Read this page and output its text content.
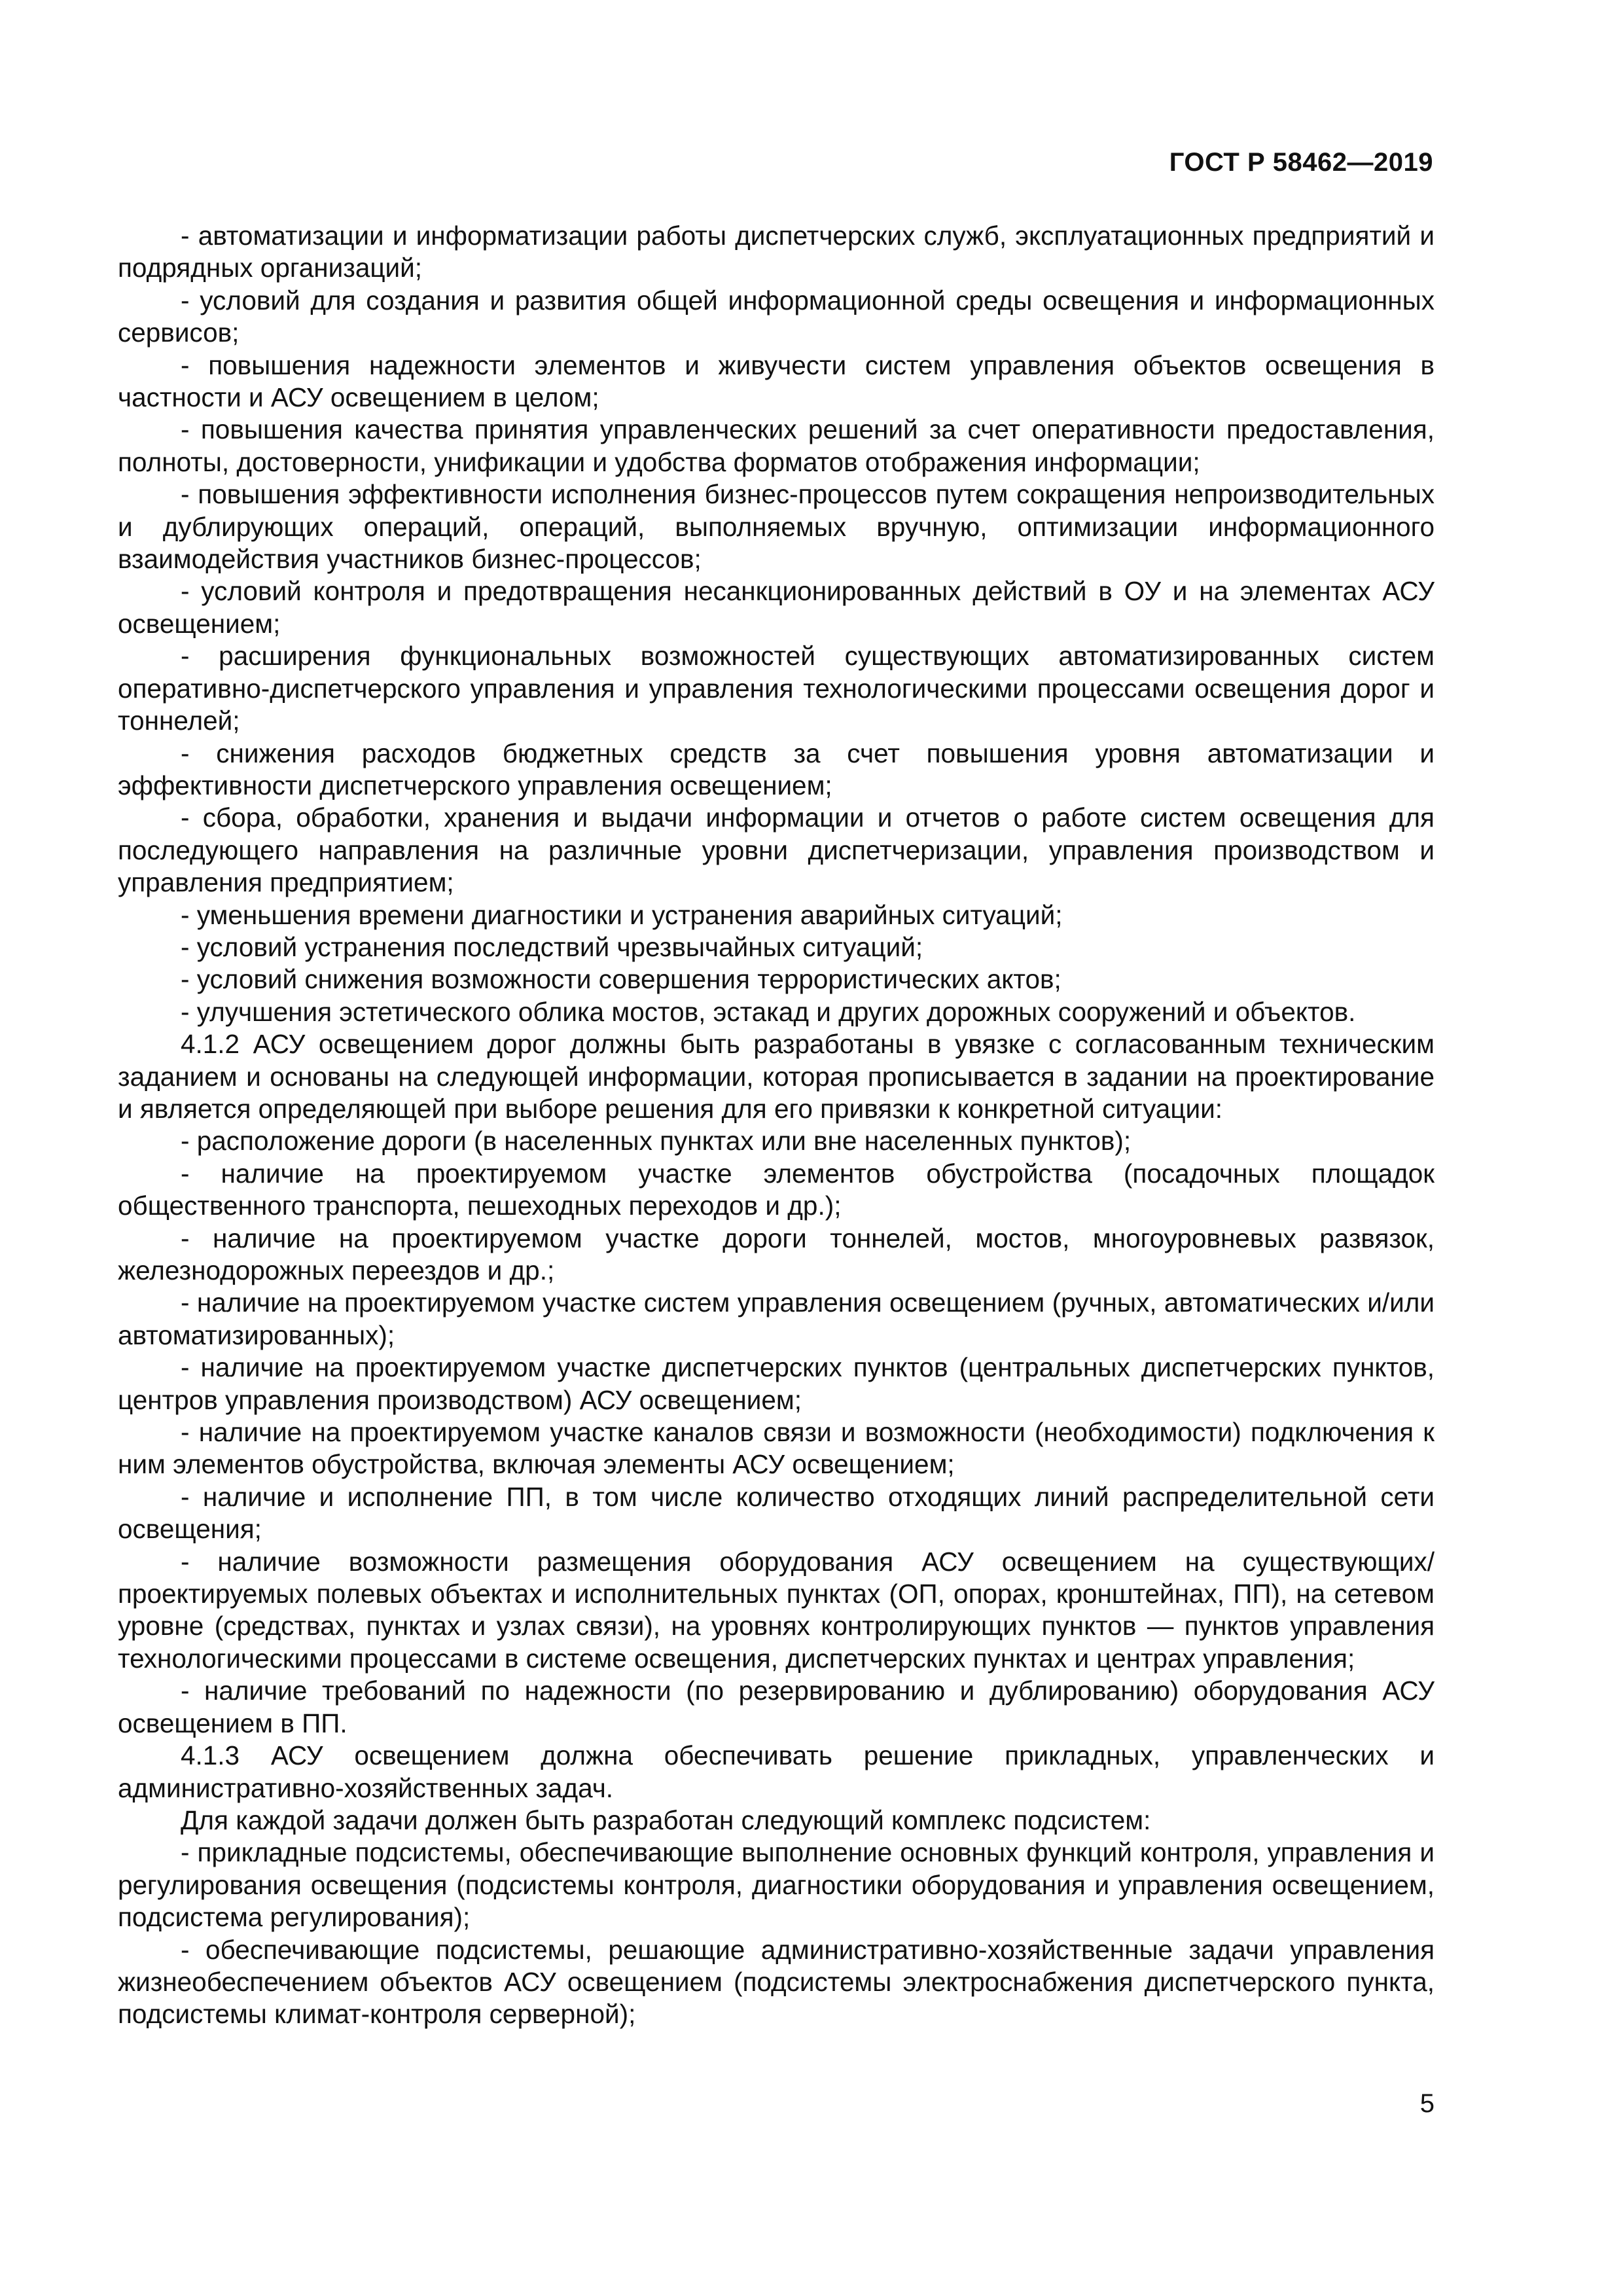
ГОСТ Р 58462—2019

- автоматизации и информатизации работы диспетчерских служб, эксплуатационных предприятий и подрядных организаций;

- условий для создания и развития общей информационной среды освещения и информационных сервисов;

- повышения надежности элементов и живучести систем управления объектов освещения в частности и АСУ освещением в целом;

- повышения качества принятия управленческих решений за счет оперативности предоставления, полноты, достоверности, унификации и удобства форматов отображения информации;

- повышения эффективности исполнения бизнес-процессов путем сокращения непроизводительных и дублирующих операций, операций, выполняемых вручную, оптимизации информационного взаимодействия участников бизнес-процессов;

- условий контроля и предотвращения несанкционированных действий в ОУ и на элементах АСУ освещением;

- расширения функциональных возможностей существующих автоматизированных систем оперативно-диспетчерского управления и управления технологическими процессами освещения дорог и тоннелей;

- снижения расходов бюджетных средств за счет повышения уровня автоматизации и эффективности диспетчерского управления освещением;

- сбора, обработки, хранения и выдачи информации и отчетов о работе систем освещения для последующего направления на различные уровни диспетчеризации, управления производством и управления предприятием;

- уменьшения времени диагностики и устранения аварийных ситуаций;

- условий устранения последствий чрезвычайных ситуаций;

- условий снижения возможности совершения террористических актов;

- улучшения эстетического облика мостов, эстакад и других дорожных сооружений и объектов.

4.1.2 АСУ освещением дорог должны быть разработаны в увязке с согласованным техническим заданием и основаны на следующей информации, которая прописывается в задании на проектирование и является определяющей при выборе решения для его привязки к конкретной ситуации:

- расположение дороги (в населенных пунктах или вне населенных пунктов);

- наличие на проектируемом участке элементов обустройства (посадочных площадок общественного транспорта, пешеходных переходов и др.);

- наличие на проектируемом участке дороги тоннелей, мостов, многоуровневых развязок, железнодорожных переездов и др.;

- наличие на проектируемом участке систем управления освещением (ручных, автоматических и/или автоматизированных);

- наличие на проектируемом участке диспетчерских пунктов (центральных диспетчерских пунктов, центров управления производством) АСУ освещением;

- наличие на проектируемом участке каналов связи и возможности (необходимости) подключения к ним элементов обустройства, включая элементы АСУ освещением;

- наличие и исполнение ПП, в том числе количество отходящих линий распределительной сети освещения;

- наличие возможности размещения оборудования АСУ освещением на существующих/проектируемых полевых объектах и исполнительных пунктах (ОП, опорах, кронштейнах, ПП), на сетевом уровне (средствах, пунктах и узлах связи), на уровнях контролирующих пунктов — пунктов управления технологическими процессами в системе освещения, диспетчерских пунктах и центрах управления;

- наличие требований по надежности (по резервированию и дублированию) оборудования АСУ освещением в ПП.

4.1.3 АСУ освещением должна обеспечивать решение прикладных, управленческих и административно-хозяйственных задач.

Для каждой задачи должен быть разработан следующий комплекс подсистем:

- прикладные подсистемы, обеспечивающие выполнение основных функций контроля, управления и регулирования освещения (подсистемы контроля, диагностики оборудования и управления освещением, подсистема регулирования);

- обеспечивающие подсистемы, решающие административно-хозяйственные задачи управления жизнеобеспечением объектов АСУ освещением (подсистемы электроснабжения диспетчерского пункта, подсистемы климат-контроля серверной);

5
